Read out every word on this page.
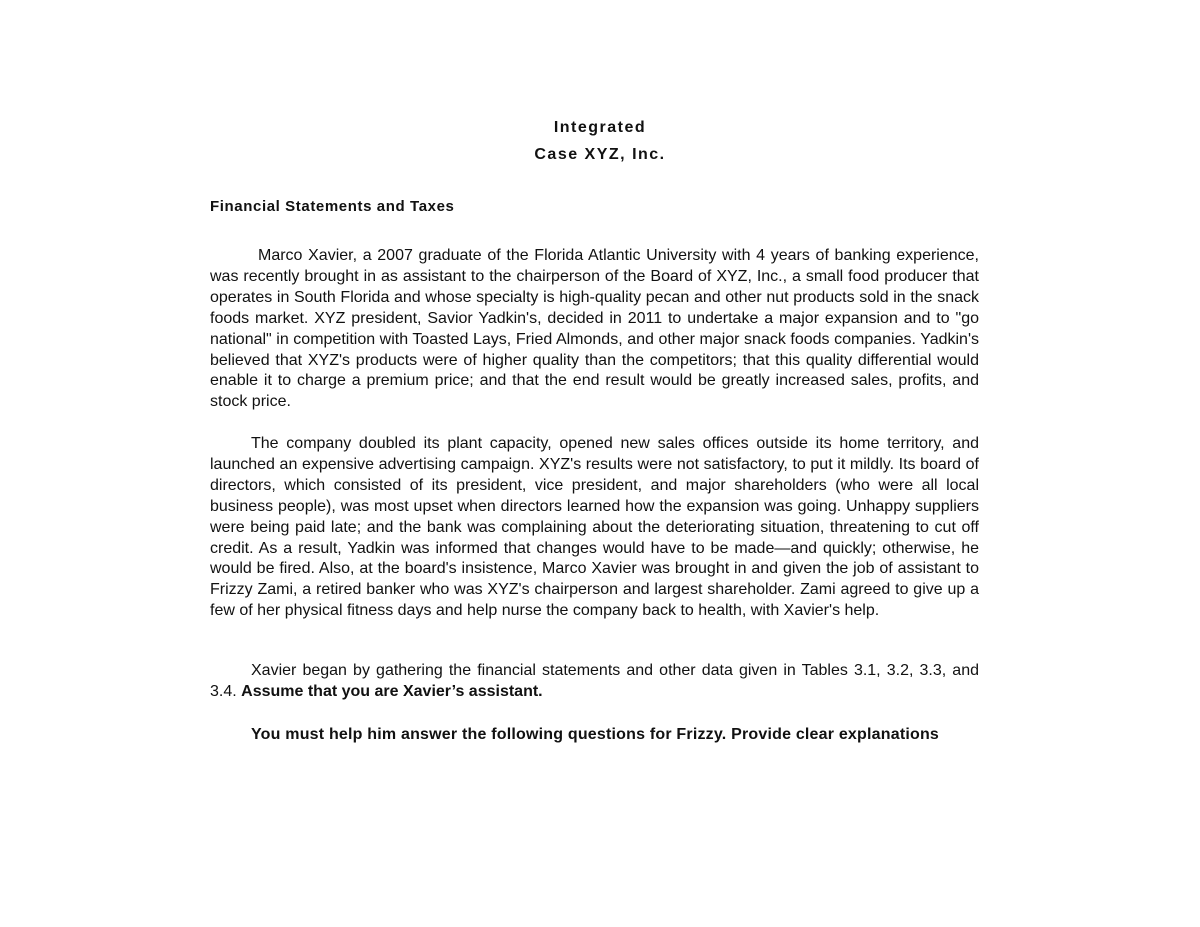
Integrated

Case XYZ, Inc.

Financial Statements and Taxes

Marco Xavier, a 2007 graduate of the Florida Atlantic University with 4 years of banking experience, was recently brought in as assistant to the chairperson of the Board of XYZ, Inc., a small food producer that operates in South Florida and whose specialty is high-quality pecan and other nut products sold in the snack foods market. XYZ president, Savior Yadkin's, decided in 2011 to undertake a major expansion and to "go national" in competition with Toasted Lays, Fried Almonds, and other major snack foods companies. Yadkin's believed that XYZ's products were of higher quality than the competitors; that this quality differential would enable it to charge a premium price; and that the end result would be greatly increased sales, profits, and stock price.

The company doubled its plant capacity, opened new sales offices outside its home territory, and launched an expensive advertising campaign. XYZ's results were not satisfactory, to put it mildly. Its board of directors, which consisted of its president, vice president, and major shareholders (who were all local business people), was most upset when directors learned how the expansion was going. Unhappy suppliers were being paid late; and the bank was complaining about the deteriorating situation, threatening to cut off credit. As a result, Yadkin was informed that changes would have to be made—and quickly; otherwise, he would be fired. Also, at the board's insistence, Marco Xavier was brought in and given the job of assistant to Frizzy Zami, a retired banker who was XYZ's chairperson and largest shareholder. Zami agreed to give up a few of her physical fitness days and help nurse the company back to health, with Xavier's help.

Xavier began by gathering the financial statements and other data given in Tables 3.1, 3.2, 3.3, and 3.4. Assume that you are Xavier’s assistant.

You must help him answer the following questions for Frizzy. Provide clear explanations
